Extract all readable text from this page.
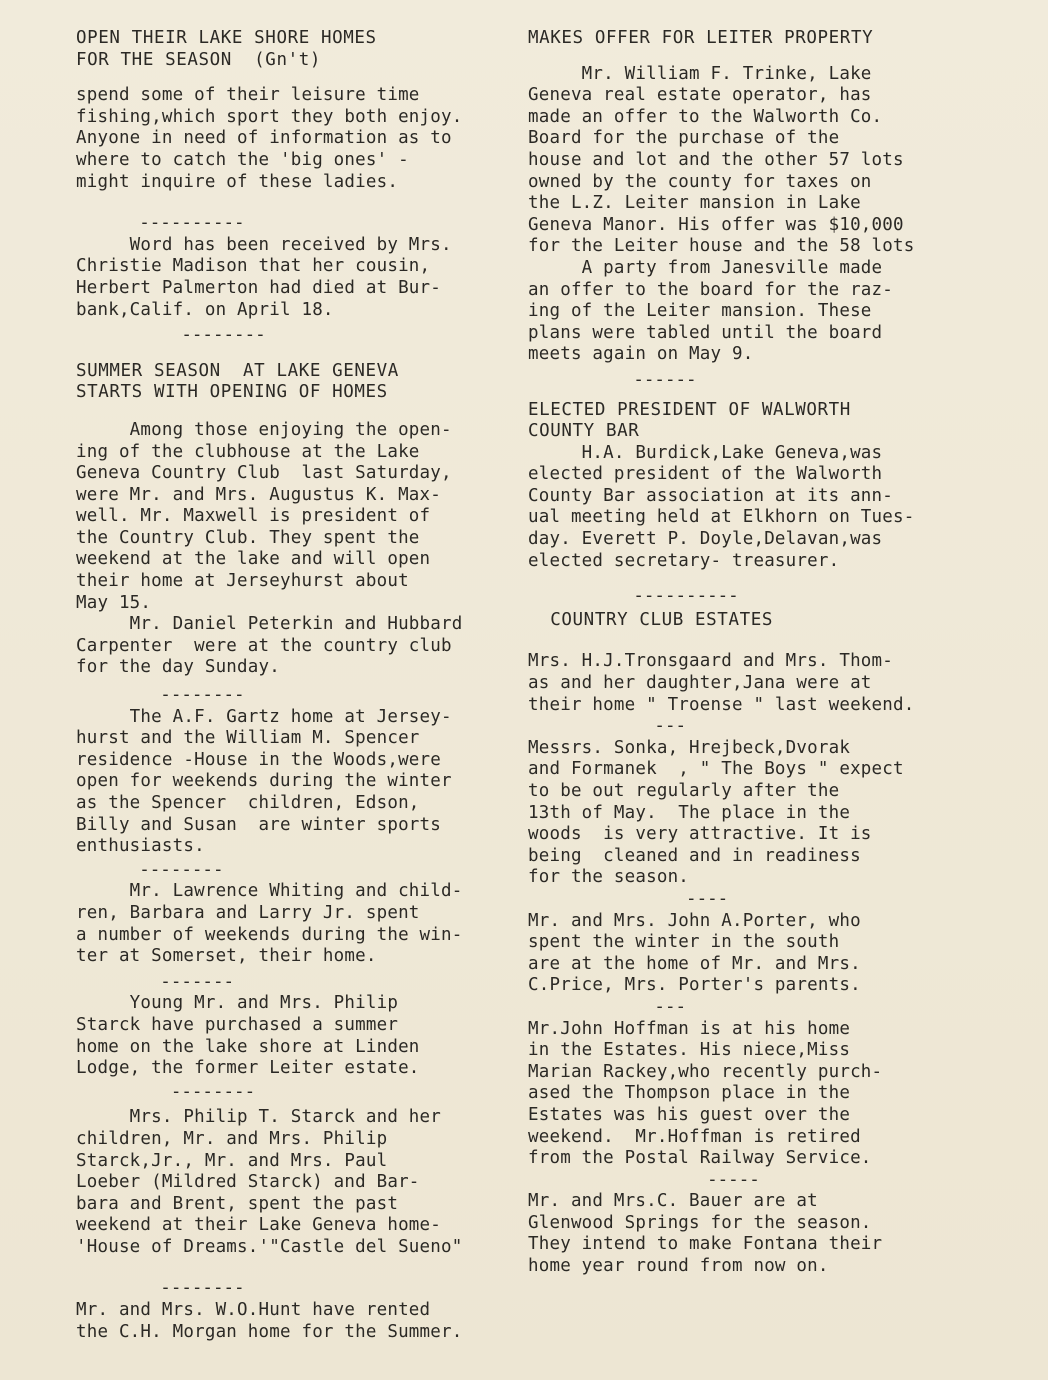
OPEN THEIR LAKE SHORE HOMES
FOR THE SEASON  (Gn't)
spend some of their leisure time
fishing,which sport they both enjoy.
Anyone in need of information as to
where to catch the 'big ones' -
might inquire of these ladies.
----------
Word has been received by Mrs.
Christie Madison that her cousin,
Herbert Palmerton had died at Bur-
bank,Calif. on April 18.
--------
SUMMER SEASON  AT LAKE GENEVA
STARTS WITH OPENING OF HOMES
Among those enjoying the open-
ing of the clubhouse at the Lake
Geneva Country Club  last Saturday,
were Mr. and Mrs. Augustus K. Max-
well. Mr. Maxwell is president of
the Country Club. They spent the
weekend at the lake and will open
their home at Jerseyhurst about
May 15.
Mr. Daniel Peterkin and Hubbard
Carpenter  were at the country club
for the day Sunday.
--------
The A.F. Gartz home at Jersey-
hurst and the William M. Spencer
residence -House in the Woods,were
open for weekends during the winter
as the Spencer  children, Edson,
Billy and Susan  are winter sports
enthusiasts.
--------
Mr. Lawrence Whiting and child-
ren, Barbara and Larry Jr. spent
a number of weekends during the win-
ter at Somerset, their home.
-------
Young Mr. and Mrs. Philip
Starck have purchased a summer
home on the lake shore at Linden
Lodge, the former Leiter estate.
--------
Mrs. Philip T. Starck and her
children, Mr. and Mrs. Philip
Starck,Jr., Mr. and Mrs. Paul
Loeber (Mildred Starck) and Bar-
bara and Brent, spent the past
weekend at their Lake Geneva home-
'House of Dreams.'"Castle del Sueno"
--------
Mr. and Mrs. W.O.Hunt have rented
the C.H. Morgan home for the Summer.
MAKES OFFER FOR LEITER PROPERTY
Mr. William F. Trinke, Lake
Geneva real estate operator, has
made an offer to the Walworth Co.
Board for the purchase of the
house and lot and the other 57 lots
owned by the county for taxes on
the L.Z. Leiter mansion in Lake
Geneva Manor. His offer was $10,000
for the Leiter house and the 58 lots
A party from Janesville made
an offer to the board for the raz-
ing of the Leiter mansion. These
plans were tabled until the board
meets again on May 9.
------
ELECTED PRESIDENT OF WALWORTH
COUNTY BAR
H.A. Burdick,Lake Geneva,was
elected president of the Walworth
County Bar association at its ann-
ual meeting held at Elkhorn on Tues-
day. Everett P. Doyle,Delavan,was
elected secretary- treasurer.
----------
COUNTRY CLUB ESTATES
Mrs. H.J.Tronsgaard and Mrs. Thom-
as and her daughter,Jana were at
their home " Troense " last weekend.
---
Messrs. Sonka, Hrejbeck,Dvorak
and Formanek  , " The Boys " expect
to be out regularly after the
13th of May.  The place in the
woods  is very attractive. It is
being  cleaned and in readiness
for the season.
----
Mr. and Mrs. John A.Porter, who
spent the winter in the south
are at the home of Mr. and Mrs.
C.Price, Mrs. Porter's parents.
---
Mr.John Hoffman is at his home
in the Estates. His niece,Miss
Marian Rackey,who recently purch-
ased the Thompson place in the
Estates was his guest over the
weekend.  Mr.Hoffman is retired
from the Postal Railway Service.
-----
Mr. and Mrs.C. Bauer are at
Glenwood Springs for the season.
They intend to make Fontana their
home year round from now on.
